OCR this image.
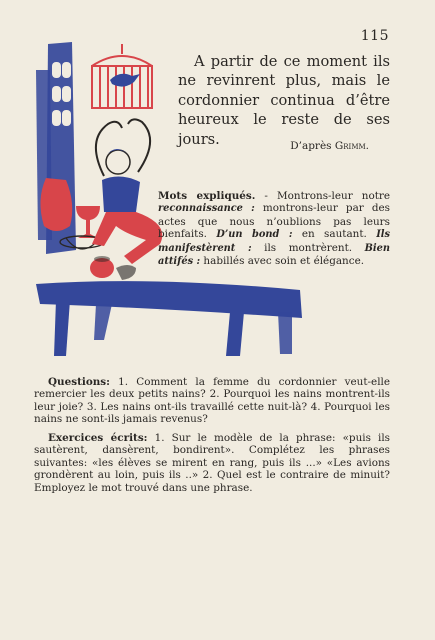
115
A partir de ce moment ils ne revinrent plus, mais le cordonnier continua d’être heureux le reste de ses jours.	D’après Grimm.
Mots expliqués. - Montrons-leur notre reconnaissance : montrons-leur par des actes que nous n’oublions pas leurs bienfaits. D’un bond : en sautant. Ils manifestèrent : ils montrèrent. Bien attifés : habillés avec soin et élégance.
Questions: 1. Comment la femme du cordonnier veut-elle remercier les deux petits nains? 2. Pourquoi les nains montrent-ils leur joie? 3. Les nains ont-ils travaillé cette nuit-là? 4. Pourquoi les nains ne sont-ils jamais revenus?
Exercices écrits: 1. Sur le modèle de la phrase: «puis ils sautèrent, dansèrent, bondirent». Complétez les phrases suivantes: «les élèves se mirent en rang, puis ils ...» «Les avions grondèrent au loin, puis ils ..» 2. Quel est le contraire de minuit? Employez le mot trouvé dans une phrase.
